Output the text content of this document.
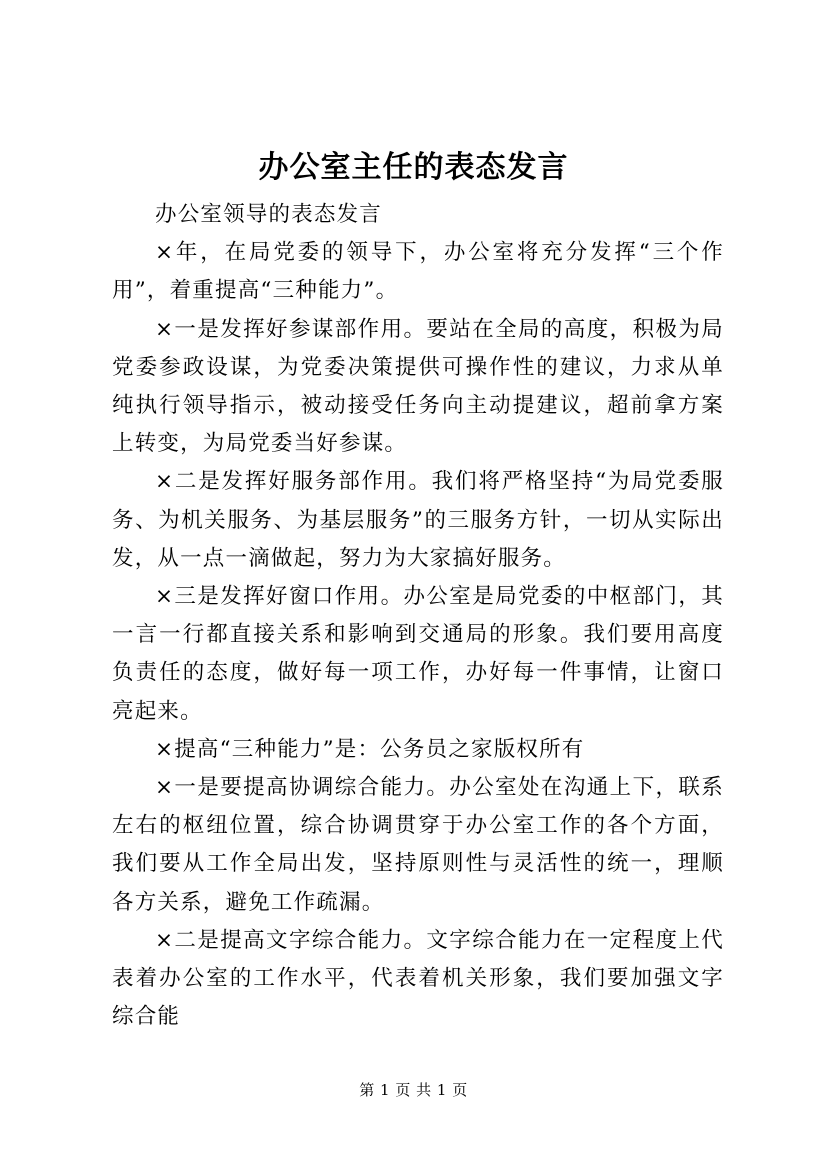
办公室主任的表态发言

办公室领导的表态发言

×年，在局党委的领导下，办公室将充分发挥“三个作用”，着重提高“三种能力”。

×一是发挥好参谋部作用。要站在全局的高度，积极为局党委参政设谋，为党委决策提供可操作性的建议，力求从单纯执行领导指示，被动接受任务向主动提建议，超前拿方案上转变，为局党委当好参谋。

×二是发挥好服务部作用。我们将严格坚持“为局党委服务、为机关服务、为基层服务”的三服务方针，一切从实际出发，从一点一滴做起，努力为大家搞好服务。

×三是发挥好窗口作用。办公室是局党委的中枢部门，其一言一行都直接关系和影响到交通局的形象。我们要用高度负责任的态度，做好每一项工作，办好每一件事情，让窗口亮起来。

×提高“三种能力”是：公务员之家版权所有

×一是要提高协调综合能力。办公室处在沟通上下，联系左右的枢纽位置，综合协调贯穿于办公室工作的各个方面，我们要从工作全局出发，坚持原则性与灵活性的统一，理顺各方关系，避免工作疏漏。

×二是提高文字综合能力。文字综合能力在一定程度上代表着办公室的工作水平，代表着机关形象，我们要加强文字综合能

第 1 页 共 1 页
